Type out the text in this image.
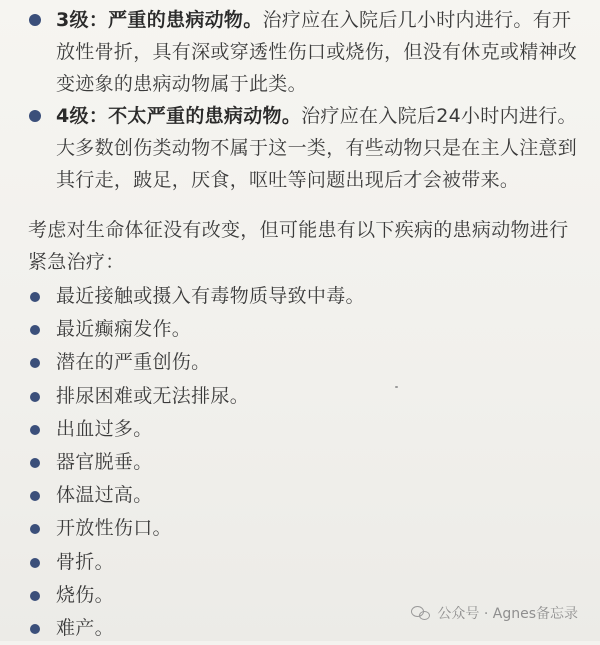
3级：严重的患病动物。治疗应在入院后几小时内进行。有开放性骨折，具有深或穿透性伤口或烧伤，但没有休克或精神改变迹象的患病动物属于此类。

4级：不太严重的患病动物。治疗应在入院后24小时内进行。大多数创伤类动物不属于这一类，有些动物只是在主人注意到其行走，跛足，厌食，呕吐等问题出现后才会被带来。

考虑对生命体征没有改变，但可能患有以下疾病的患病动物进行紧急治疗：

最近接触或摄入有毒物质导致中毒。
最近癫痫发作。
潜在的严重创伤。
排尿困难或无法排尿。
出血过多。
器官脱垂。
体温过高。
开放性伤口。
骨折。
烧伤。
难产。
公众号 · Agnes备忘录
